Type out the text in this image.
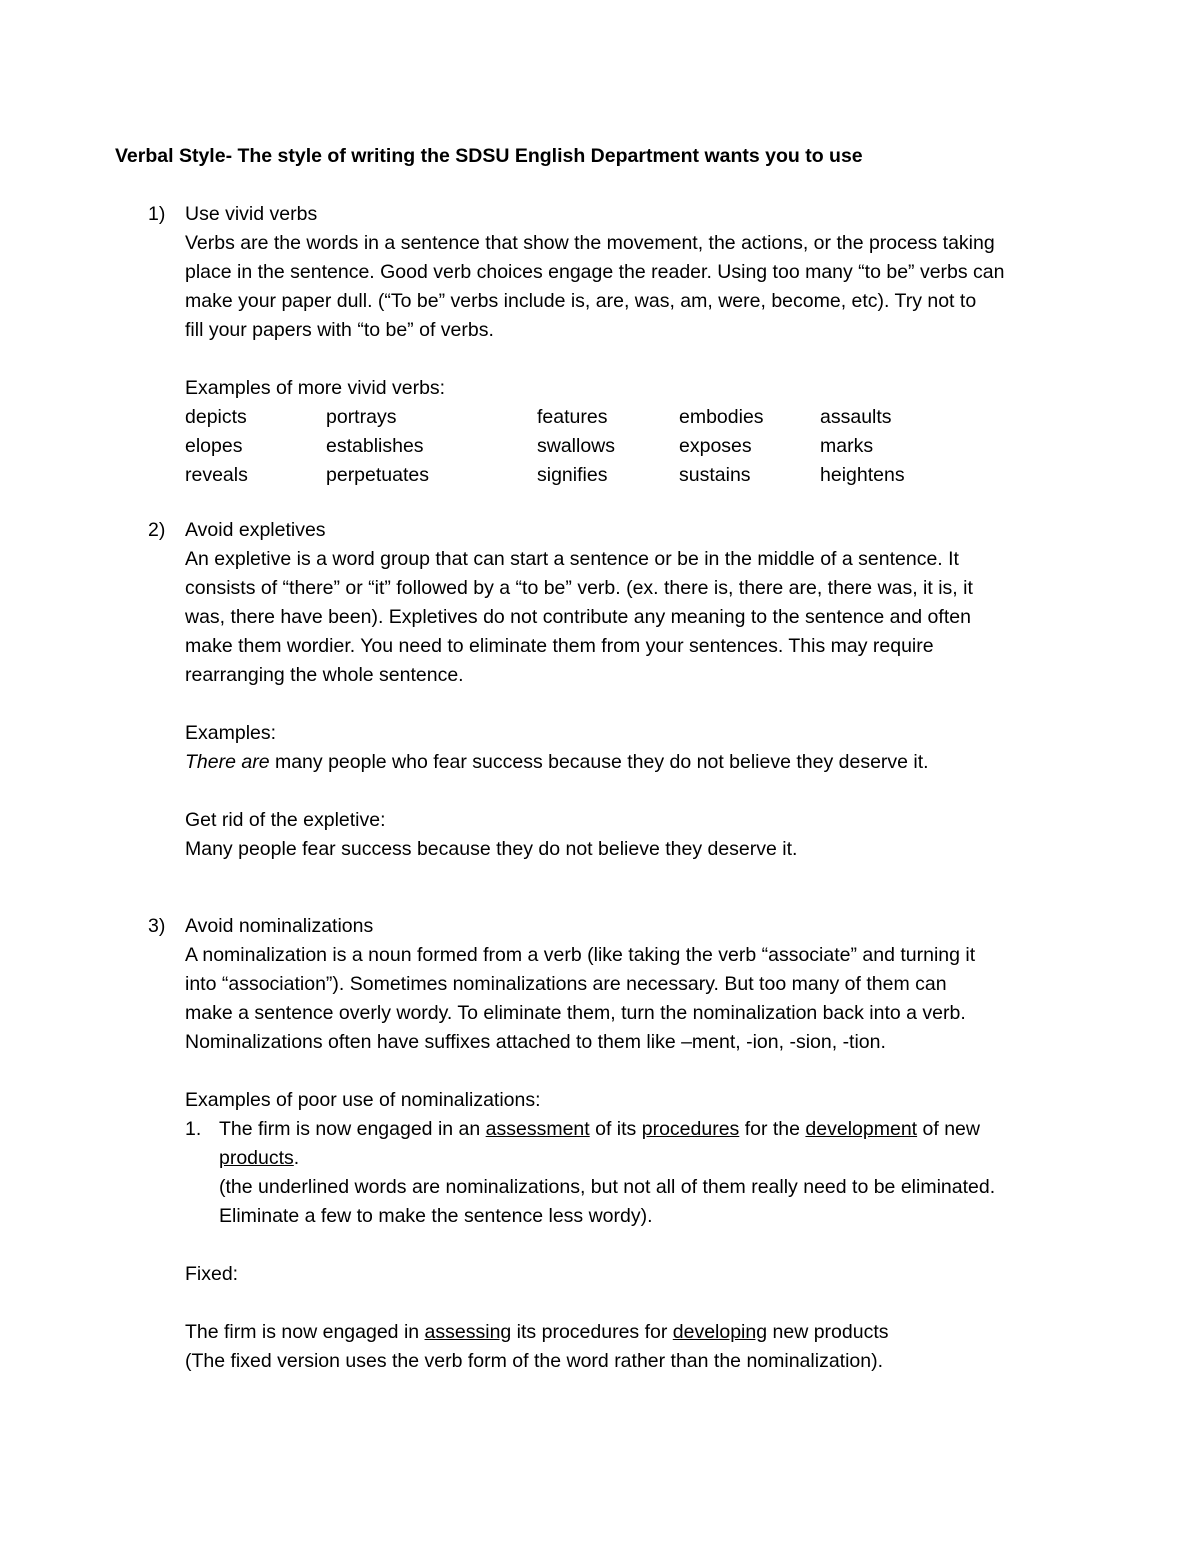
Verbal Style- The style of writing the SDSU English Department wants you to use
1) Use vivid verbs

Verbs are the words in a sentence that show the movement, the actions, or the process taking

place in the sentence. Good verb choices engage the reader. Using too many “to be” verbs can

make your paper dull. (“To be” verbs include is, are, was, am, were, become, etc). Try not to

fill your papers with “to be” of verbs.

Examples of more vivid verbs:

depicts	portrays	features	embodies	assaults
elopes	establishes	swallows	exposes	marks
reveals	perpetuates	signifies	sustains	heightens
2) Avoid expletives

An expletive is a word group that can start a sentence or be in the middle of a sentence. It

consists of “there” or “it” followed by a “to be” verb. (ex. there is, there are, there was, it is, it

was, there have been). Expletives do not contribute any meaning to the sentence and often

make them wordier. You need to eliminate them from your sentences. This may require

rearranging the whole sentence.

Examples:

There are many people who fear success because they do not believe they deserve it.

Get rid of the expletive:

Many people fear success because they do not believe they deserve it.

3) Avoid nominalizations

A nominalization is a noun formed from a verb (like taking the verb “associate” and turning it

into “association”). Sometimes nominalizations are necessary. But too many of them can

make a sentence overly wordy. To eliminate them, turn the nominalization back into a verb.

Nominalizations often have suffixes attached to them like –ment, -ion, -sion, -tion.

Examples of poor use of nominalizations:

1. The firm is now engaged in an assessment of its procedures for the development of new

products.

(the underlined words are nominalizations, but not all of them really need to be eliminated.

Eliminate a few to make the sentence less wordy).

Fixed:

The firm is now engaged in assessing its procedures for developing new products

(The fixed version uses the verb form of the word rather than the nominalization).
